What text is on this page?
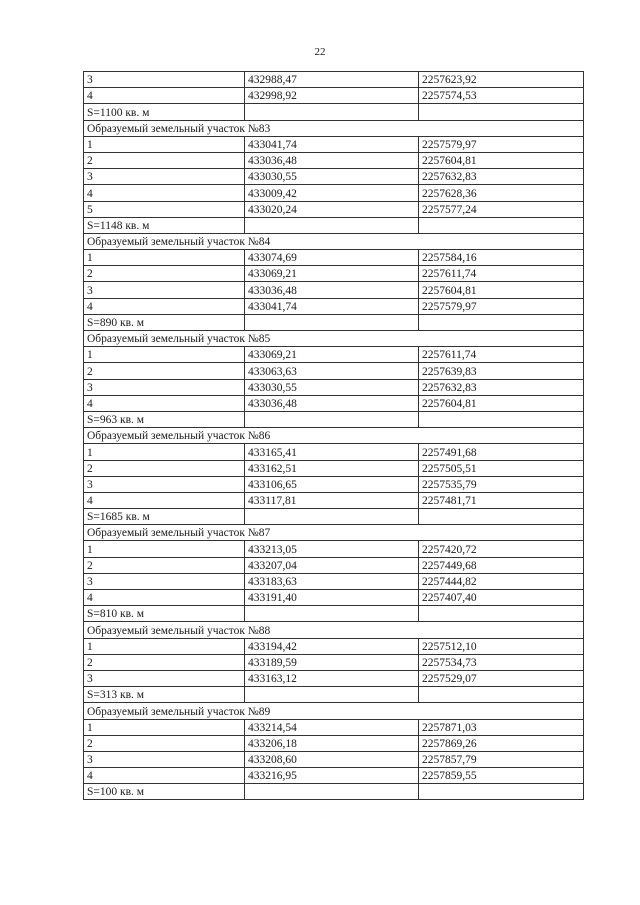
22
3	432988,47	2257623,92
4	432998,92	2257574,53
S=1100 кв. м		
Образуемый земельный участок №83		
1	433041,74	2257579,97
2	433036,48	2257604,81
3	433030,55	2257632,83
4	433009,42	2257628,36
5	433020,24	2257577,24
S=1148 кв. м		
Образуемый земельный участок №84		
1	433074,69	2257584,16
2	433069,21	2257611,74
3	433036,48	2257604,81
4	433041,74	2257579,97
S=890 кв. м		
Образуемый земельный участок №85		
1	433069,21	2257611,74
2	433063,63	2257639,83
3	433030,55	2257632,83
4	433036,48	2257604,81
S=963 кв. м		
Образуемый земельный участок №86		
1	433165,41	2257491,68
2	433162,51	2257505,51
3	433106,65	2257535,79
4	433117,81	2257481,71
S=1685 кв. м		
Образуемый земельный участок №87		
1	433213,05	2257420,72
2	433207,04	2257449,68
3	433183,63	2257444,82
4	433191,40	2257407,40
S=810 кв. м		
Образуемый земельный участок №88		
1	433194,42	2257512,10
2	433189,59	2257534,73
3	433163,12	2257529,07
S=313 кв. м		
Образуемый земельный участок №89		
1	433214,54	2257871,03
2	433206,18	2257869,26
3	433208,60	2257857,79
4	433216,95	2257859,55
S=100 кв. м		
